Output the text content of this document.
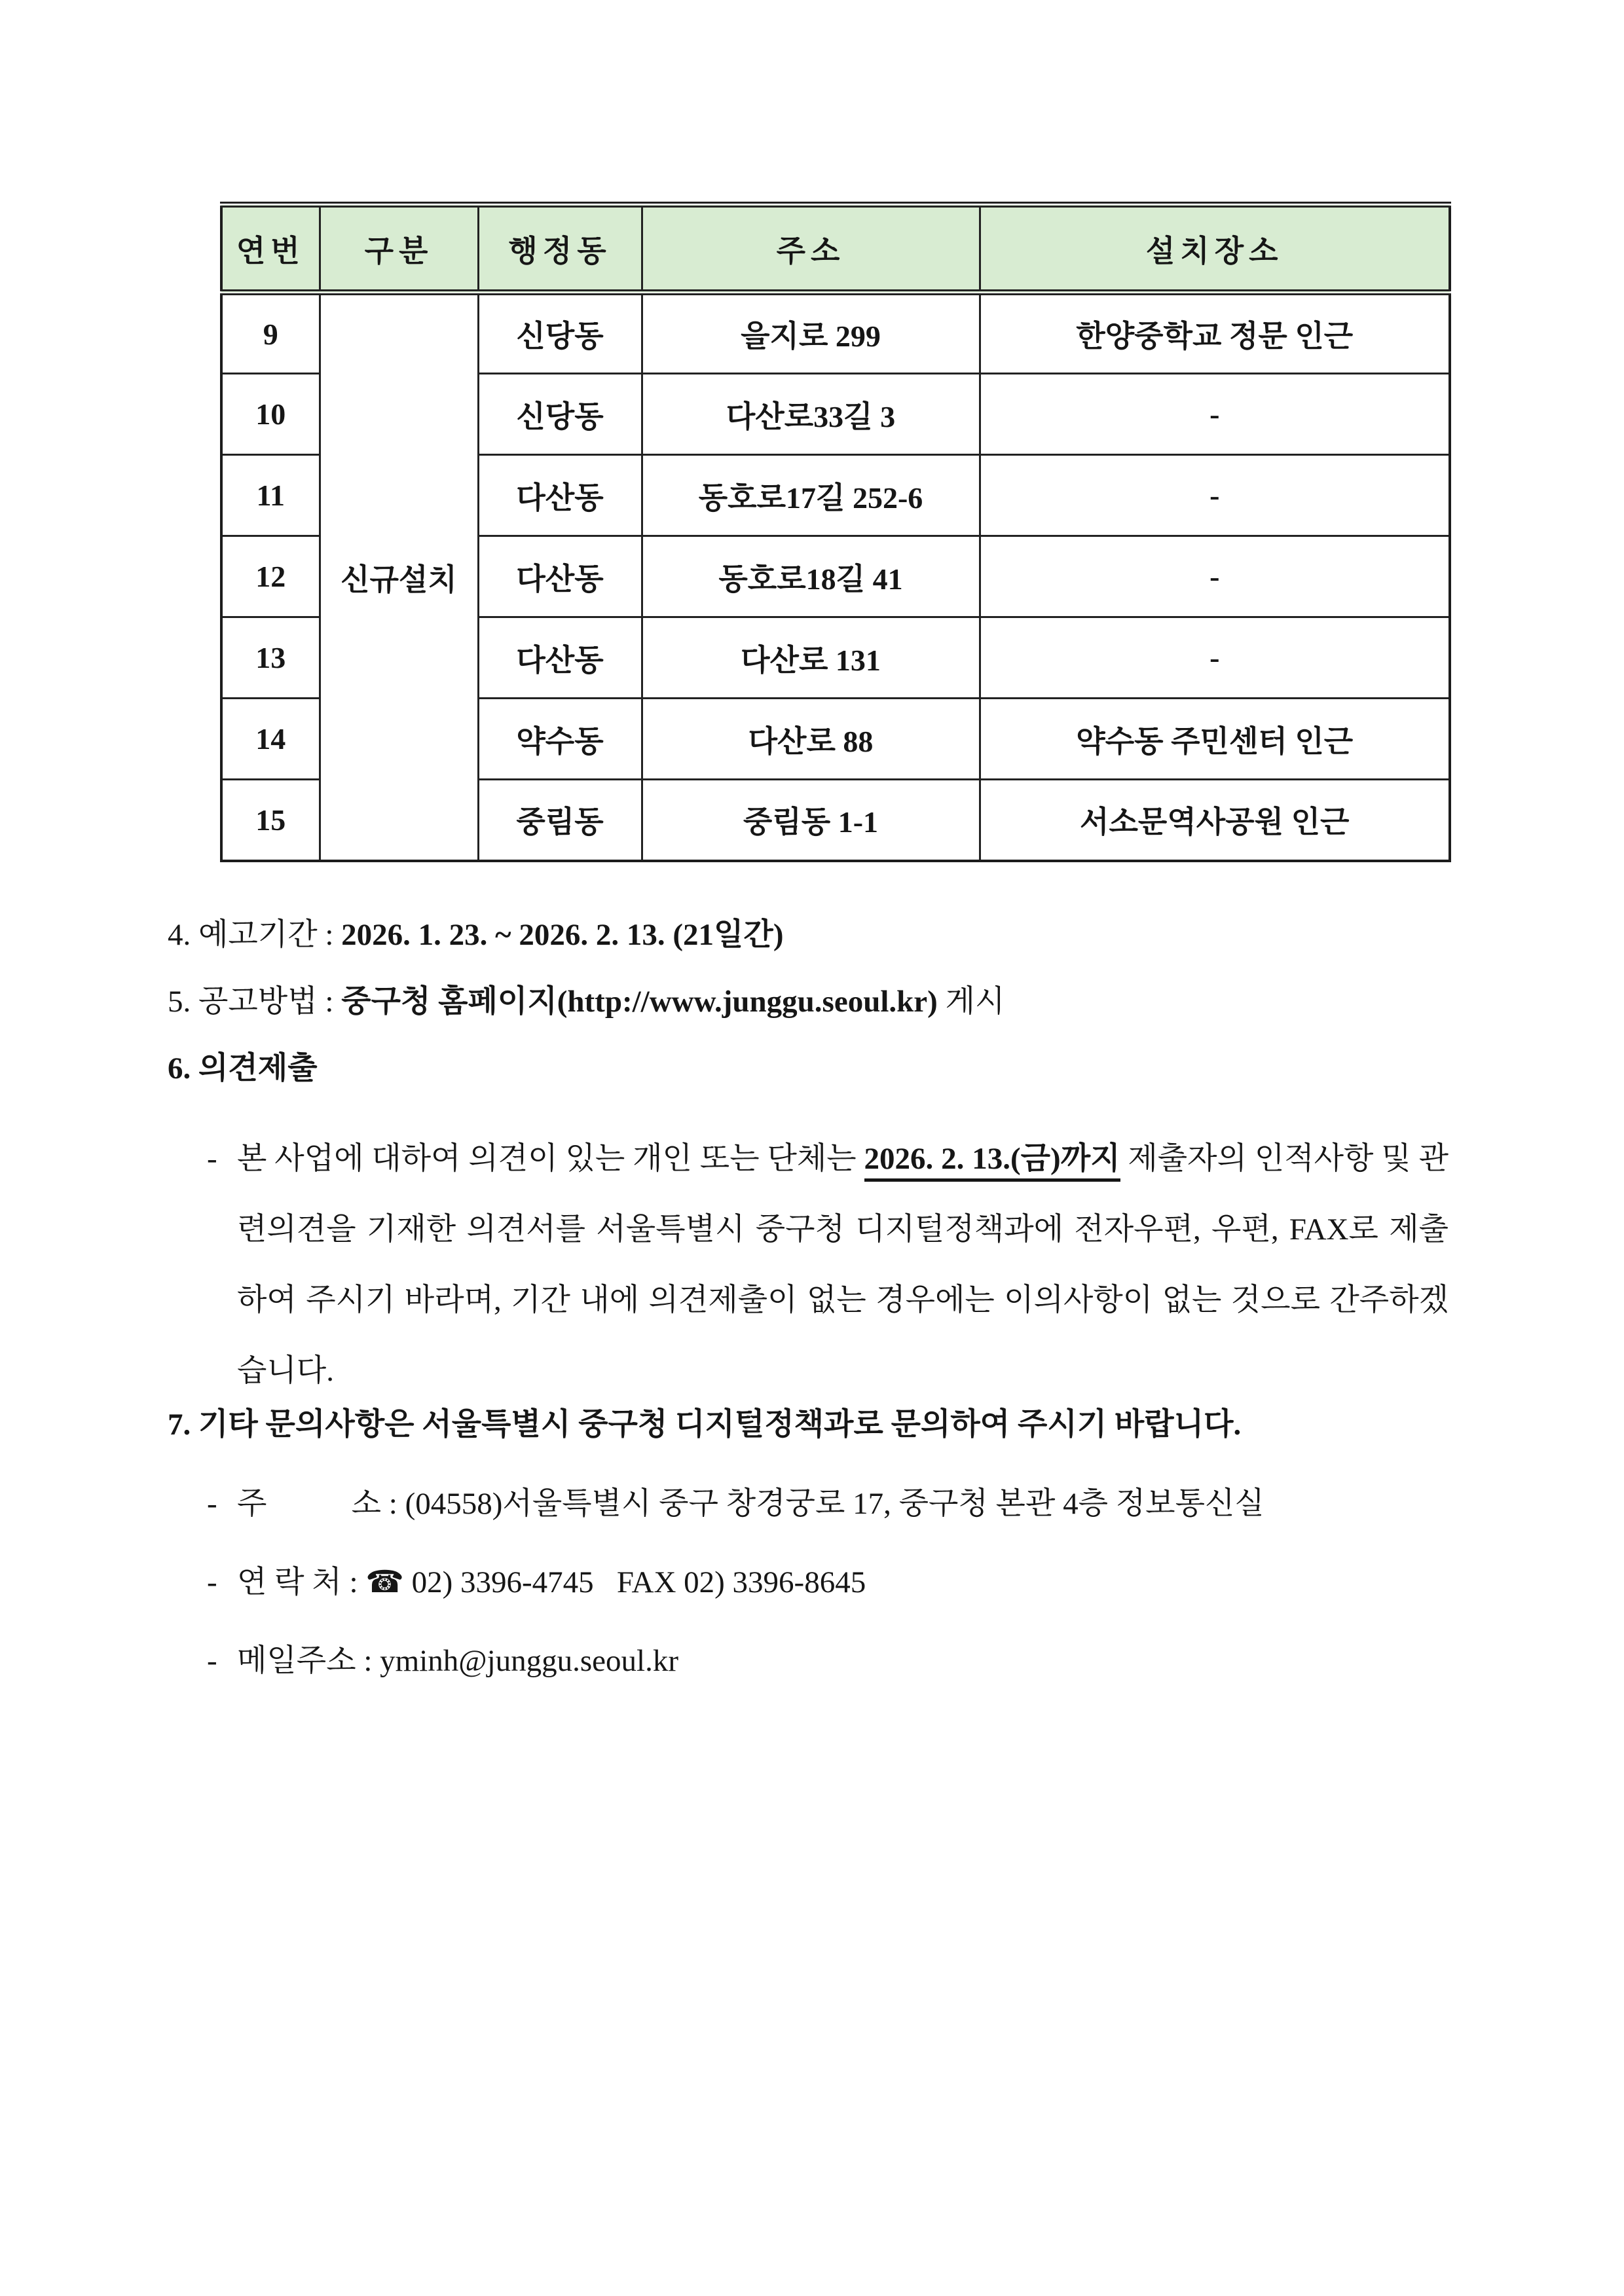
연번	구분	행정동	주소	설치장소
9	신규설치	신당동	을지로 299	한양중학교 정문 인근
10		신당동	다산로33길 3	-
11		다산동	동호로17길 252-6	-
12		다산동	동호로18길 41	-
13		다산동	다산로 131	-
14		약수동	다산로 88	약수동 주민센터 인근
15		중림동	중림동 1-1	서소문역사공원 인근
4. 예고기간 : 2026. 1. 23. ~ 2026. 2. 13. (21일간)
5. 공고방법 : 중구청 홈페이지(http://www.junggu.seoul.kr) 게시
6. 의견제출
- 본 사업에 대하여 의견이 있는 개인 또는 단체는 2026. 2. 13.(금)까지 제출자의 인적사항 및 관련의견을 기재한 의견서를 서울특별시 중구청 디지털정책과에 전자우편, 우편, FAX로 제출하여 주시기 바라며, 기간 내에 의견제출이 없는 경우에는 이의사항이 없는 것으로 간주하겠습니다.
7. 기타 문의사항은 서울특별시 중구청 디지털정책과로 문의하여 주시기 바랍니다.
- 주           소 : (04558)서울특별시 중구 창경궁로 17, 중구청 본관 4층 정보통신실
- 연 락 처 : ☎ 02) 3396-4745   FAX 02) 3396-8645
- 메일주소 : yminh@junggu.seoul.kr
